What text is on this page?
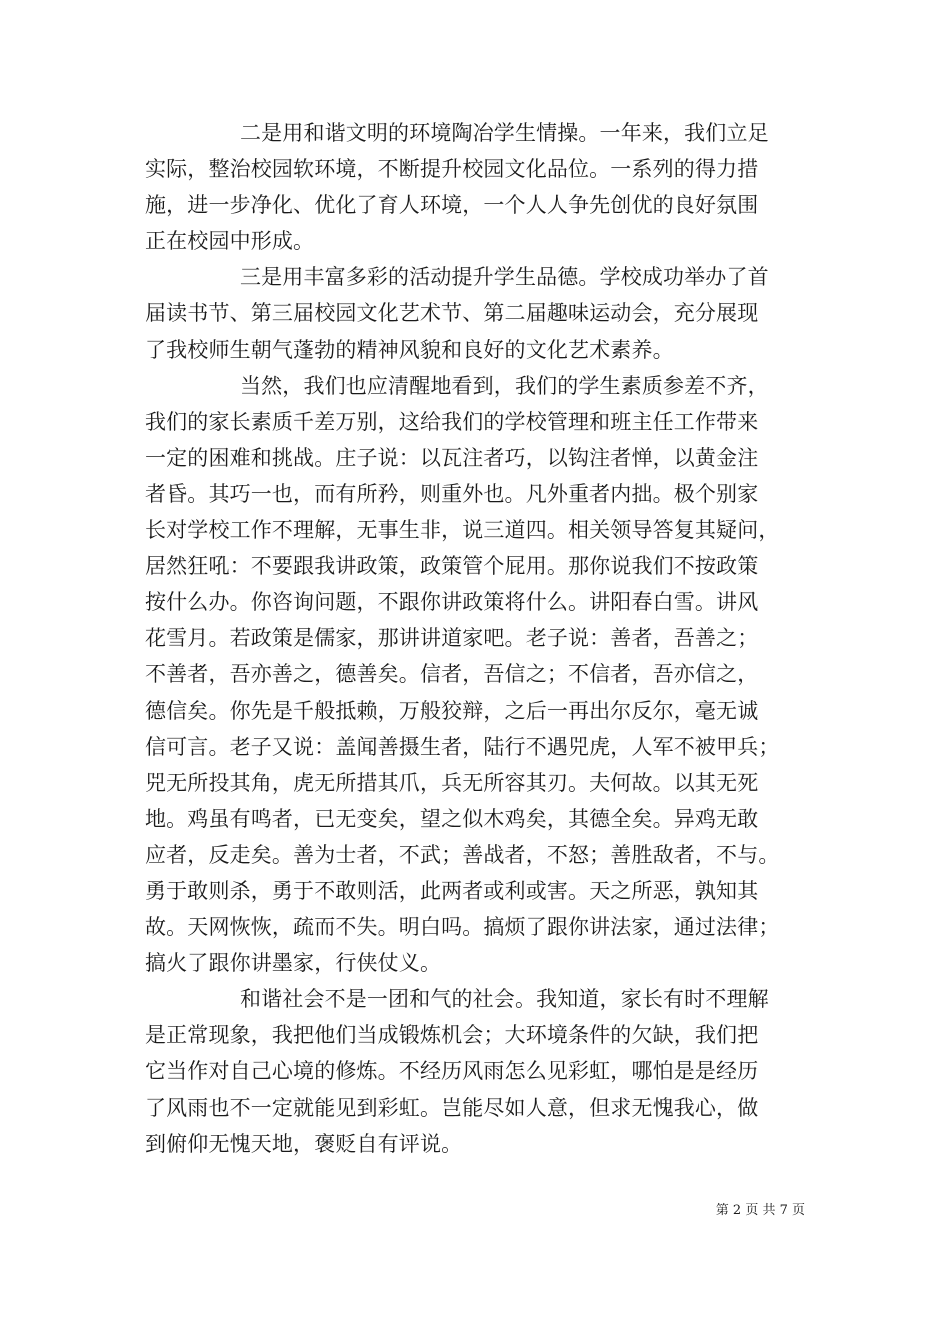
二是用和谐文明的环境陶冶学生情操。一年来，我们立足
实际，整治校园软环境，不断提升校园文化品位。一系列的得力措
施，进一步净化、优化了育人环境，一个人人争先创优的良好氛围
正在校园中形成。
三是用丰富多彩的活动提升学生品德。学校成功举办了首
届读书节、第三届校园文化艺术节、第二届趣味运动会，充分展现
了我校师生朝气蓬勃的精神风貌和良好的文化艺术素养。
当然，我们也应清醒地看到，我们的学生素质参差不齐，
我们的家长素质千差万别，这给我们的学校管理和班主任工作带来
一定的困难和挑战。庄子说：以瓦注者巧，以钩注者惮，以黄金注
者昏。其巧一也，而有所矜，则重外也。凡外重者内拙。极个别家
长对学校工作不理解，无事生非，说三道四。相关领导答复其疑问，
居然狂吼：不要跟我讲政策，政策管个屁用。那你说我们不按政策
按什么办。你咨询问题，不跟你讲政策将什么。讲阳春白雪。讲风
花雪月。若政策是儒家，那讲讲道家吧。老子说：善者，吾善之；
不善者，吾亦善之，德善矣。信者，吾信之；不信者，吾亦信之，
德信矣。你先是千般抵赖，万般狡辩，之后一再出尔反尔，毫无诚
信可言。老子又说：盖闻善摄生者，陆行不遇兕虎，人军不被甲兵；
兕无所投其角，虎无所措其爪，兵无所容其刃。夫何故。以其无死
地。鸡虽有鸣者，已无变矣，望之似木鸡矣，其德全矣。异鸡无敢
应者，反走矣。善为士者，不武；善战者，不怒；善胜敌者，不与。
勇于敢则杀，勇于不敢则活，此两者或利或害。天之所恶，孰知其
故。天网恢恢，疏而不失。明白吗。搞烦了跟你讲法家，通过法律；
搞火了跟你讲墨家，行侠仗义。
和谐社会不是一团和气的社会。我知道，家长有时不理解
是正常现象，我把他们当成锻炼机会；大环境条件的欠缺，我们把
它当作对自己心境的修炼。不经历风雨怎么见彩虹，哪怕是是经历
了风雨也不一定就能见到彩虹。岂能尽如人意，但求无愧我心，做
到俯仰无愧天地，褒贬自有评说。
第 2 页 共 7 页
